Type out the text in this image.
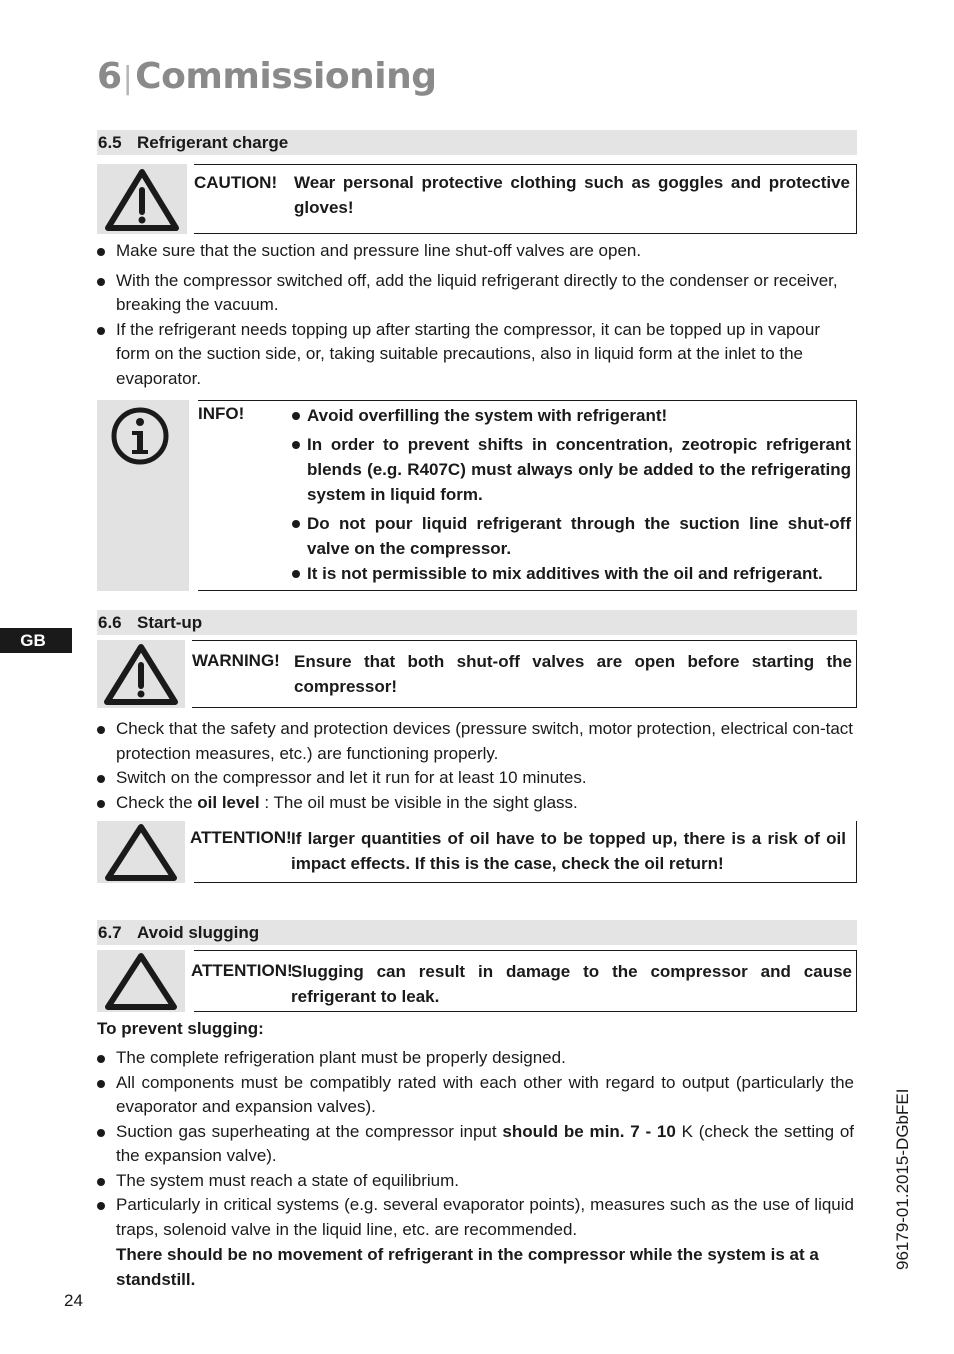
6|Commissioning
6.5 Refrigerant charge
CAUTION! Wear personal protective clothing such as goggles and protective gloves!
Make sure that the suction and pressure line shut-off valves are open.
With the compressor switched off, add the liquid refrigerant directly to the condenser or receiver, breaking the vacuum.
If the refrigerant needs topping up after starting the compressor, it can be topped up in vapour form on the suction side, or, taking suitable precautions, also in liquid form at the inlet to the evaporator.
INFO!	Avoid overfilling the system with refrigerant!
In order to prevent shifts in concentration, zeotropic refrigerant blends (e.g. R407C) must always only be added to the refrigerating system in liquid form.
Do not pour liquid refrigerant through the suction line shut-off valve on the compressor.
It is not permissible to mix additives with the oil and refrigerant.
GB
6.6 Start-up
WARNING! Ensure that both shut-off valves are open before starting the compressor!
Check that the safety and protection devices (pressure switch, motor protection, electrical con-tact protection measures, etc.) are functioning properly.
Switch on the compressor and let it run for at least 10 minutes.
Check the oil level : The oil must be visible in the sight glass.
ATTENTION! If larger quantities of oil have to be topped up, there is a risk of oil impact effects. If this is the case, check the oil return!
6.7 Avoid slugging
ATTENTION!
Slugging can result in damage to the compressor and cause refrigerant to leak.
To prevent slugging:
The complete refrigeration plant must be properly designed.
All components must be compatibly rated with each other with regard to output (particularly the evaporator and expansion valves).
Suction gas superheating at the compressor input should be min. 7 - 10 K (check the setting of the expansion valve).
The system must reach a state of equilibrium.
Particularly in critical systems (e.g. several evaporator points), measures such as the use of liquid traps, solenoid valve in the liquid line, etc. are recommended.
There should be no movement of refrigerant in the compressor while the system is at a standstill.
24
96179-01.2015-DGbFEI
